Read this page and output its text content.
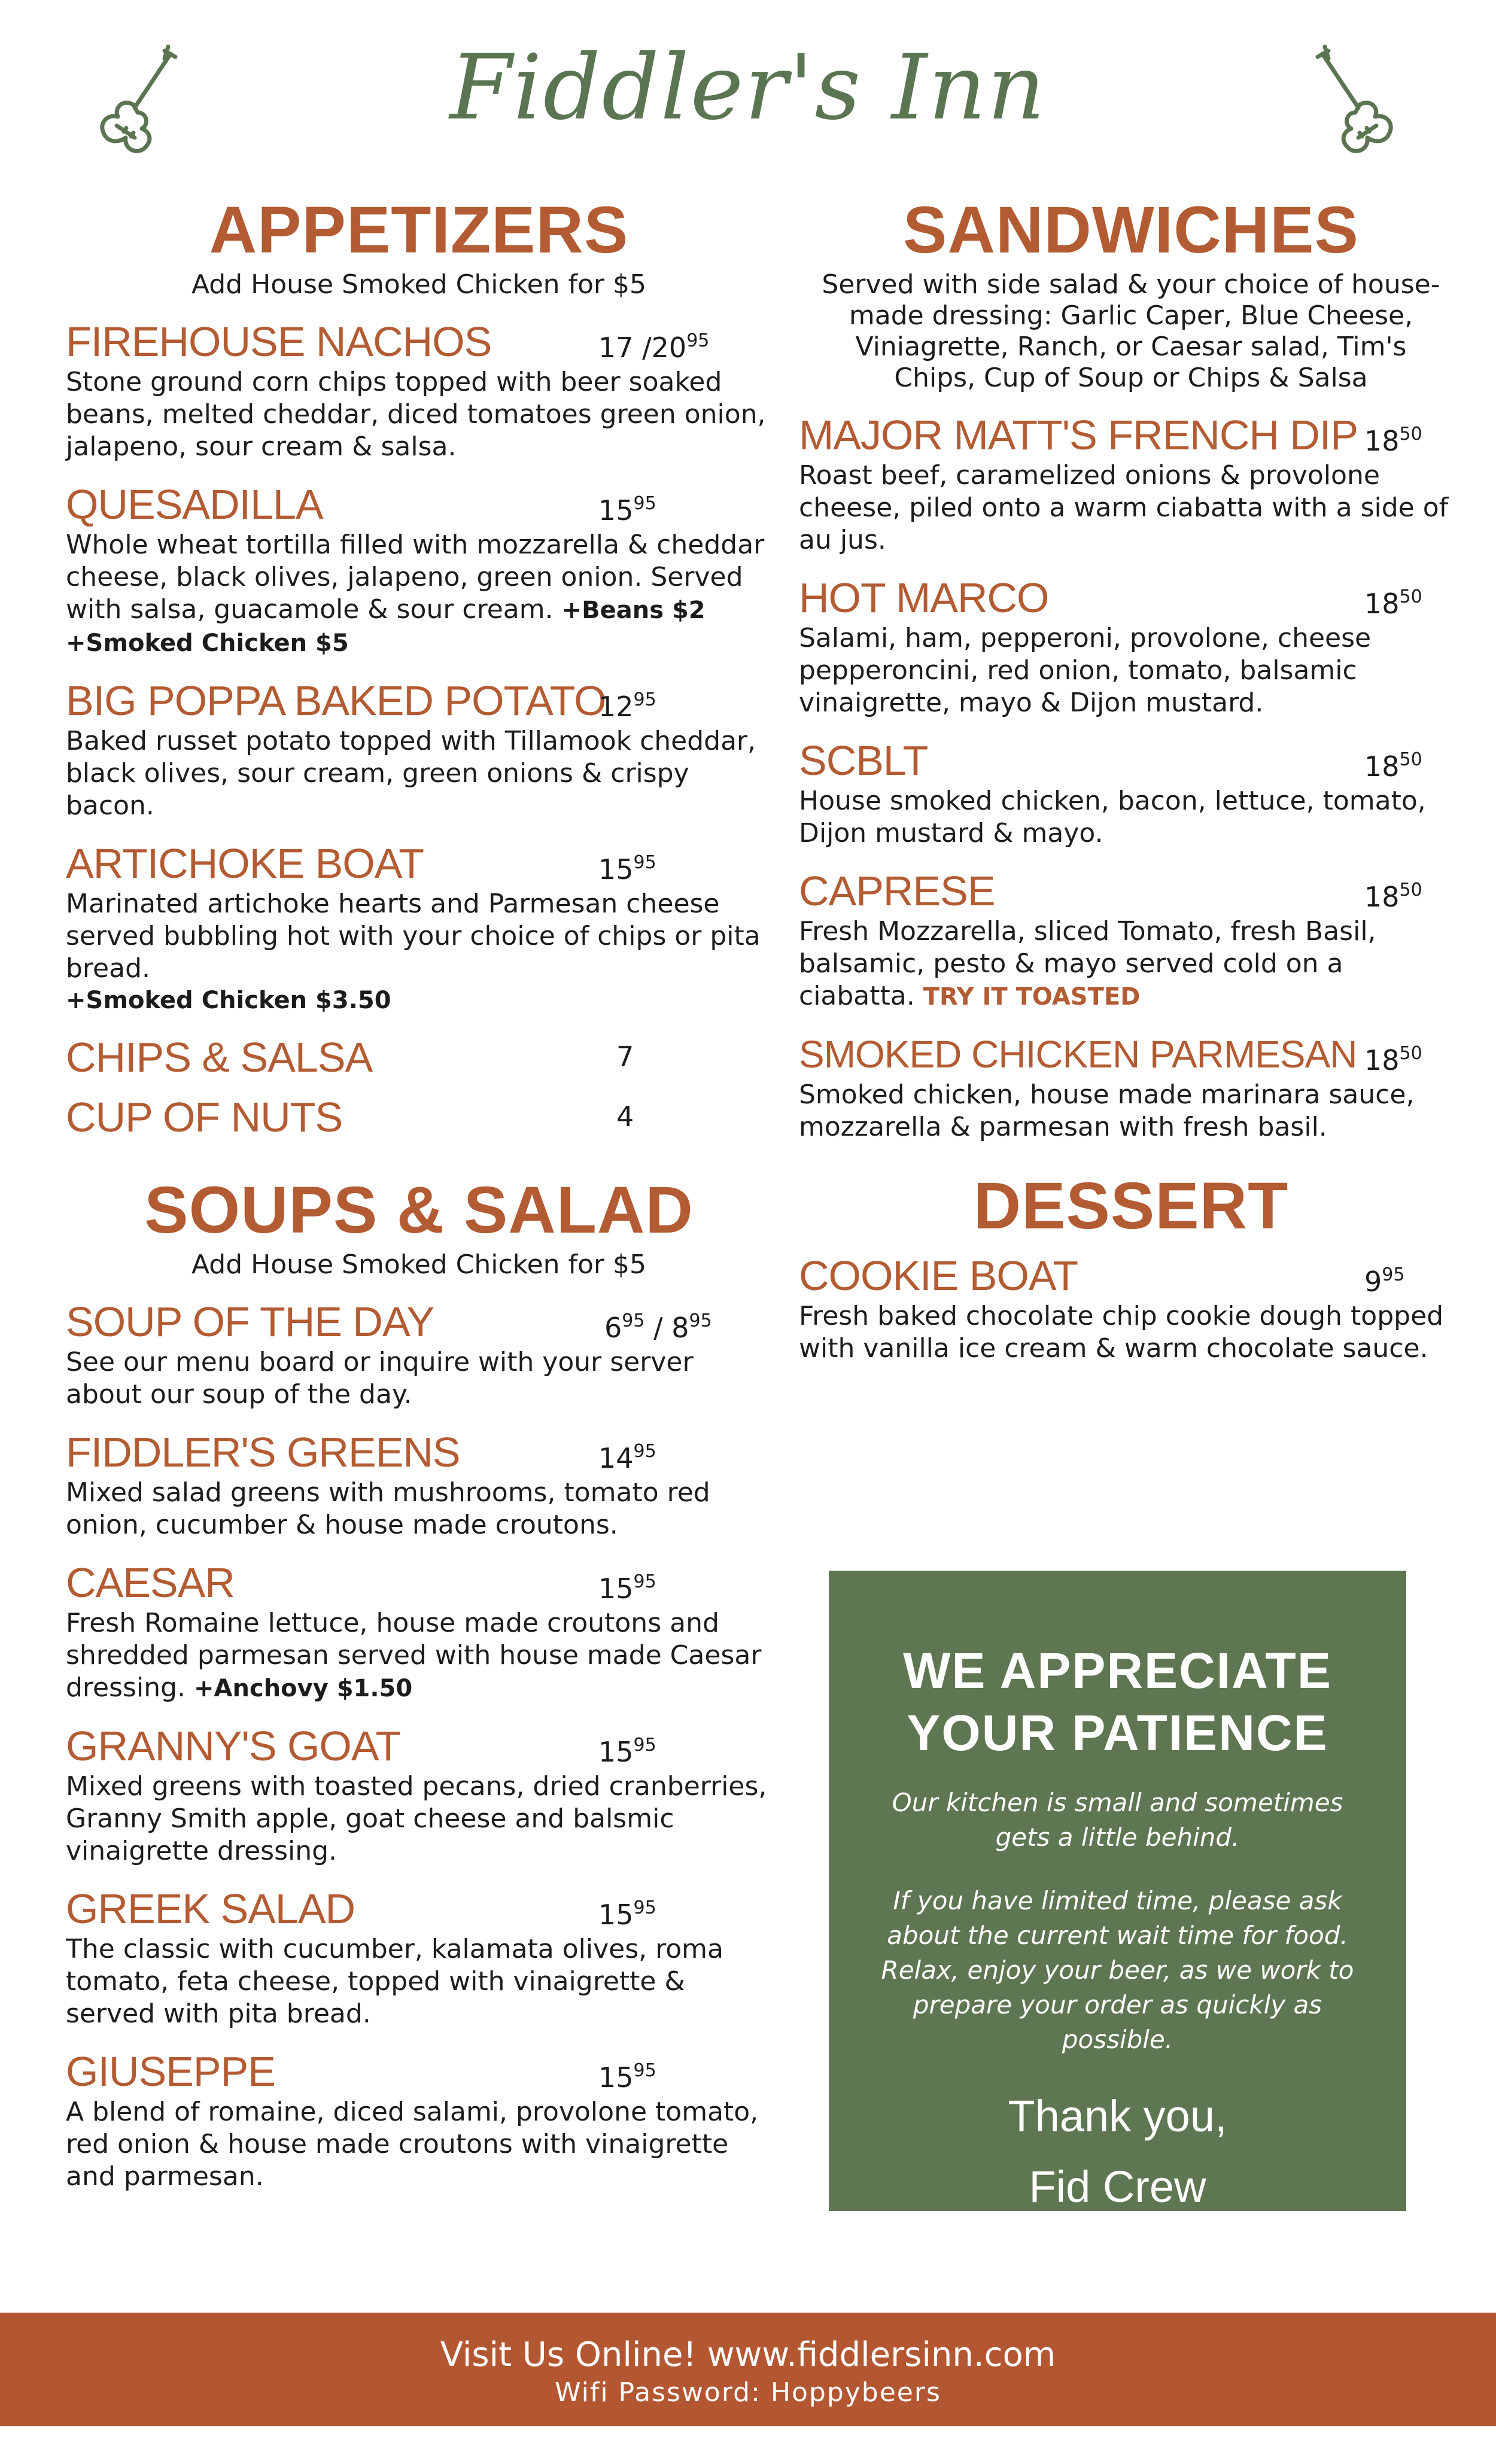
Fiddler's Inn
APPETIZERS
Add House Smoked Chicken for $5
FIREHOUSE NACHOS	17 $/20^{95}$
Stone ground corn chips topped with beer soaked beans, melted cheddar, diced tomatoes green onion, jalapeno, sour cream & salsa.
QUESADILLA	$15^{95}$
Whole wheat tortilla filled with mozzarella & cheddar cheese, black olives, jalapeno, green onion. Served with salsa, guacamole & sour cream. +Beans $2 +Smoked Chicken $5
BIG POPPA BAKED POTATO
$12^{95}$
Baked russet potato topped with Tillamook cheddar, black olives, sour cream, green onions & crispy bacon.
ARTICHOKE BOAT	$15^{95}$
Marinated artichoke hearts and Parmesan cheese served bubbling hot with your choice of chips or pita bread.
+Smoked Chicken $3.50
CHIPS & SALSA	7
CUP OF NUTS	4
SOUPS & SALAD
Add House Smoked Chicken for $5
SOUP OF THE DAY	$6^{95} / 8^{95}$
See our menu board or inquire with your server about our soup of the day.
FIDDLER'S GREENS	$14^{95}$
Mixed salad greens with mushrooms, tomato red onion, cucumber & house made croutons.
CAESAR	$15^{95}$
Fresh Romaine lettuce, house made croutons and shredded parmesan served with house made Caesar dressing. +Anchovy $1.50
GRANNY'S GOAT	$15^{95}$
Mixed greens with toasted pecans, dried cranberries, Granny Smith apple, goat cheese and balsmic vinaigrette dressing.
GREEK SALAD	$15^{95}$
The classic with cucumber, kalamata olives, roma tomato, feta cheese, topped with vinaigrette & served with pita bread.
GIUSEPPE	$15^{95}$
A blend of romaine, diced salami, provolone tomato, red onion & house made croutons with vinaigrette and parmesan.
SANDWICHES
Served with side salad & your choice of house-made dressing: Garlic Caper, Blue Cheese, Viniagrette, Ranch, or Caesar salad, Tim's Chips, Cup of Soup or Chips & Salsa
MAJOR MATT'S FRENCH DIP $18^{50}$
Roast beef, caramelized onions & provolone cheese, piled onto a warm ciabatta with a side of au jus.
HOT MARCO	$18^{50}$
Salami, ham, pepperoni, provolone, cheese pepperoncini, red onion, tomato, balsamic vinaigrette, mayo & Dijon mustard.
SCBLT	$18^{50}$
House smoked chicken, bacon, lettuce, tomato, Dijon mustard & mayo.
CAPRESE	$18^{50}$
Fresh Mozzarella, sliced Tomato, fresh Basil, balsamic, pesto & mayo served cold on a ciabatta. TRY IT TOASTED
SMOKED CHICKEN PARMESAN $18^{50}$
Smoked chicken, house made marinara sauce, mozzarella & parmesan with fresh basil.
DESSERT
COOKIE BOAT	$9^{95}$
Fresh baked chocolate chip cookie dough topped with vanilla ice cream & warm chocolate sauce.
WE APPRECIATE
YOUR PATIENCE
Our kitchen is small and sometimes gets a little behind.
If you have limited time, please ask about the current wait time for food. Relax, enjoy your beer, as we work to prepare your order as quickly as possible.
Thank you,
Fid Crew
Visit Us Online! www.fiddlersinn.com
Wifi Password: Hoppybeers
